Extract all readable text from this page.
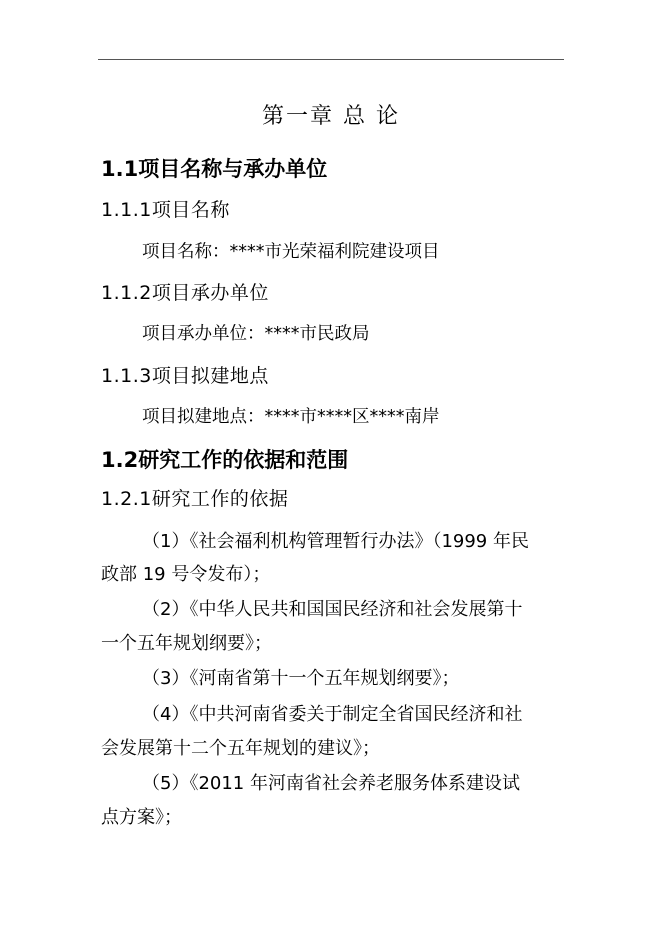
第一章 总 论
1.1项目名称与承办单位
1.1.1项目名称
项目名称：****市光荣福利院建设项目
1.1.2项目承办单位
项目承办单位：****市民政局
1.1.3项目拟建地点
项目拟建地点：****市****区****南岸
1.2研究工作的依据和范围
1.2.1研究工作的依据
（1）《社会福利机构管理暂行办法》（1999 年民
政部 19 号令发布）；
（2）《中华人民共和国国民经济和社会发展第十
一个五年规划纲要》；
（3）《河南省第十一个五年规划纲要》；
（4）《中共河南省委关于制定全省国民经济和社
会发展第十二个五年规划的建议》；
（5）《2011 年河南省社会养老服务体系建设试
点方案》；
